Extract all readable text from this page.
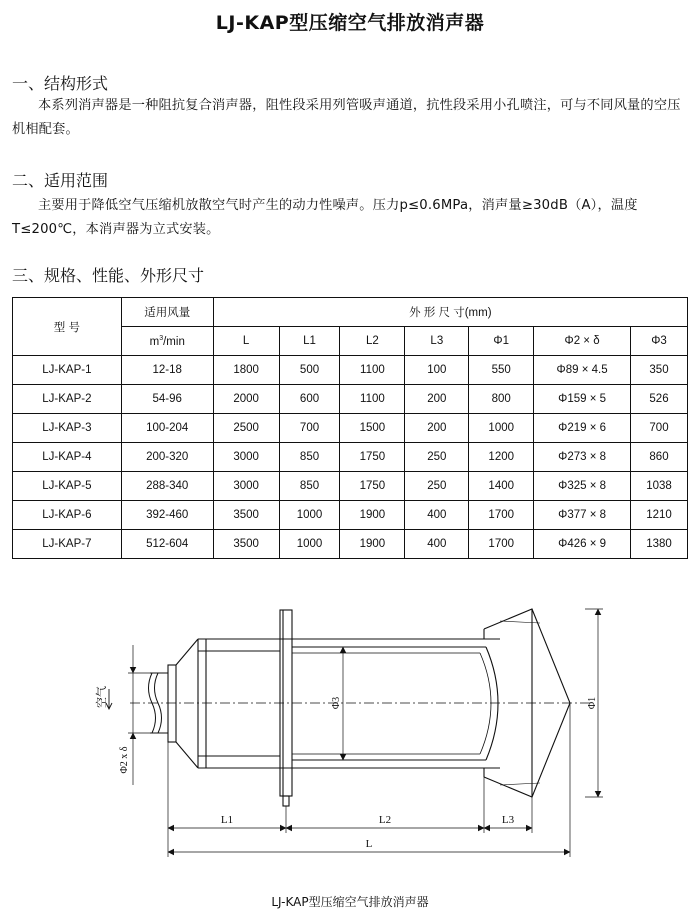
LJ-KAP型压缩空气排放消声器
一、结构形式
本系列消声器是一种阻抗复合消声器，阻性段采用列管吸声通道，抗性段采用小孔喷注，可与不同风量的空压机相配套。
二、适用范围
主要用于降低空气压缩机放散空气时产生的动力性噪声。压力p≤0.6MPa，消声量≥30dB（A），温度T≤200℃，本消声器为立式安装。
三、规格、性能、外形尺寸
型 号	适用风量	外 形 尺 寸(mm)						
	$m^3/\min$	L	L1	L2	L3	Φ1	Φ2 × δ	Φ3
LJ-KAP-1	12-18	1800	500	1100	100	550	Φ89 × 4.5	350
LJ-KAP-2	54-96	2000	600	1100	200	800	Φ159 × 5	526
LJ-KAP-3	100-204	2500	700	1500	200	1000	Φ219 × 6	700
LJ-KAP-4	200-320	3000	850	1750	250	1200	Φ273 × 8	860
LJ-KAP-5	288-340	3000	850	1750	250	1400	Φ325 × 8	1038
LJ-KAP-6	392-460	3500	1000	1900	400	1700	Φ377 × 8	1210
LJ-KAP-7	512-604	3500	1000	1900	400	1700	Φ426 × 9	1380
空气
Φ2 x δ
Φ3	Φ1
L1	L2	L3
L
LJ-KAP型压缩空气排放消声器
